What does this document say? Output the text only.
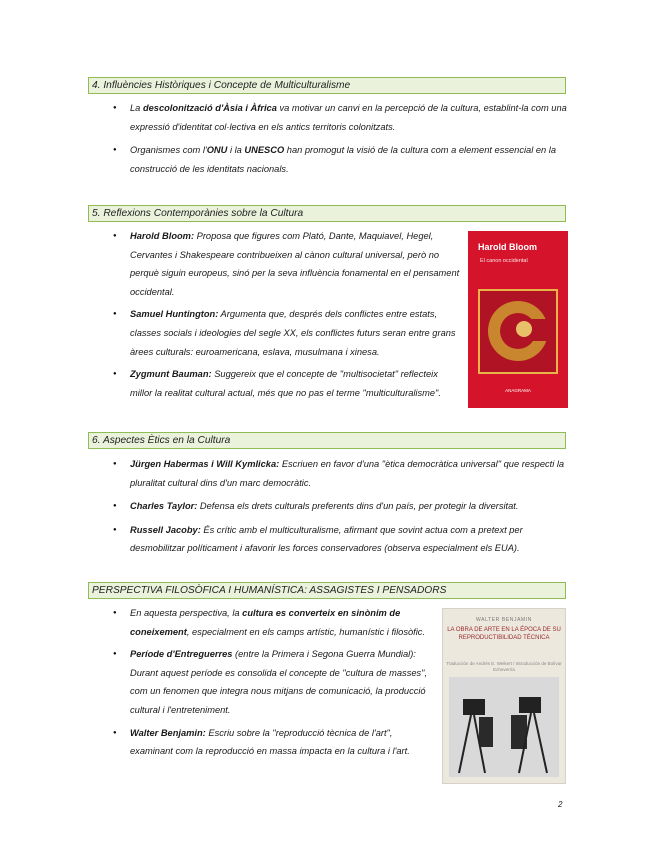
4. Influències Històriques i Concepte de Multiculturalisme
● La descolonització d'Àsia i Àfrica va motivar un canvi en la percepció de la cultura, establint-la com una expressió d'identitat col·lectiva en els antics territoris colonitzats.
● Organismes com l'ONU i la UNESCO han promogut la visió de la cultura com a element essencial en la construcció de les identitats nacionals.
5. Reflexions Contemporànies sobre la Cultura
● Harold Bloom: Proposa que figures com Plató, Dante, Maquiavel, Hegel, Cervantes i Shakespeare contribueixen al cànon cultural universal, però no perquè siguin europeus, sinó per la seva influència fonamental en el pensament occidental.
● Samuel Huntington: Argumenta que, després dels conflictes entre estats, classes socials i ideologies del segle XX, els conflictes futurs seran entre grans àrees culturals: euroamericana, eslava, musulmana i xinesa.
● Zygmunt Bauman: Suggereix que el concepte de "multisocietat" reflecteix millor la realitat cultural actual, més que no pas el terme "multiculturalisme".
Harold Bloom
El canon occidental
ANAGRAMA
6. Aspectes Ètics en la Cultura
● Jürgen Habermas i Will Kymlicka: Escriuen en favor d'una "ètica democràtica universal" que respecti la pluralitat cultural dins d'un marc democràtic.
● Charles Taylor: Defensa els drets culturals preferents dins d'un país, per protegir la diversitat.
● Russell Jacoby: És crític amb el multiculturalisme, afirmant que sovint actua com a pretext per desmobilitzar políticament i afavorir les forces conservadores (observa especialment els EUA).
PERSPECTIVA FILOSÒFICA I HUMANÍSTICA: ASSAGISTES I PENSADORS
● En aquesta perspectiva, la cultura es converteix en sinònim de coneixement, especialment en els camps artístic, humanístic i filosòfic.
● Període d'Entreguerres (entre la Primera i Segona Guerra Mundial): Durant aquest període es consolida el concepte de "cultura de masses", com un fenomen que integra nous mitjans de comunicació, la producció cultural i l'entreteniment.
● Walter Benjamin: Escriu sobre la "reproducció tècnica de l'art", examinant com la reproducció en massa impacta en la cultura i l'art.
WALTER BENJAMIN
LA OBRA DE ARTE EN LA ÉPOCA DE SU REPRODUCTIBILIDAD TÉCNICA
Traducción de Andrés E. Weikert / Introducción de Bolívar Echeverría
2
